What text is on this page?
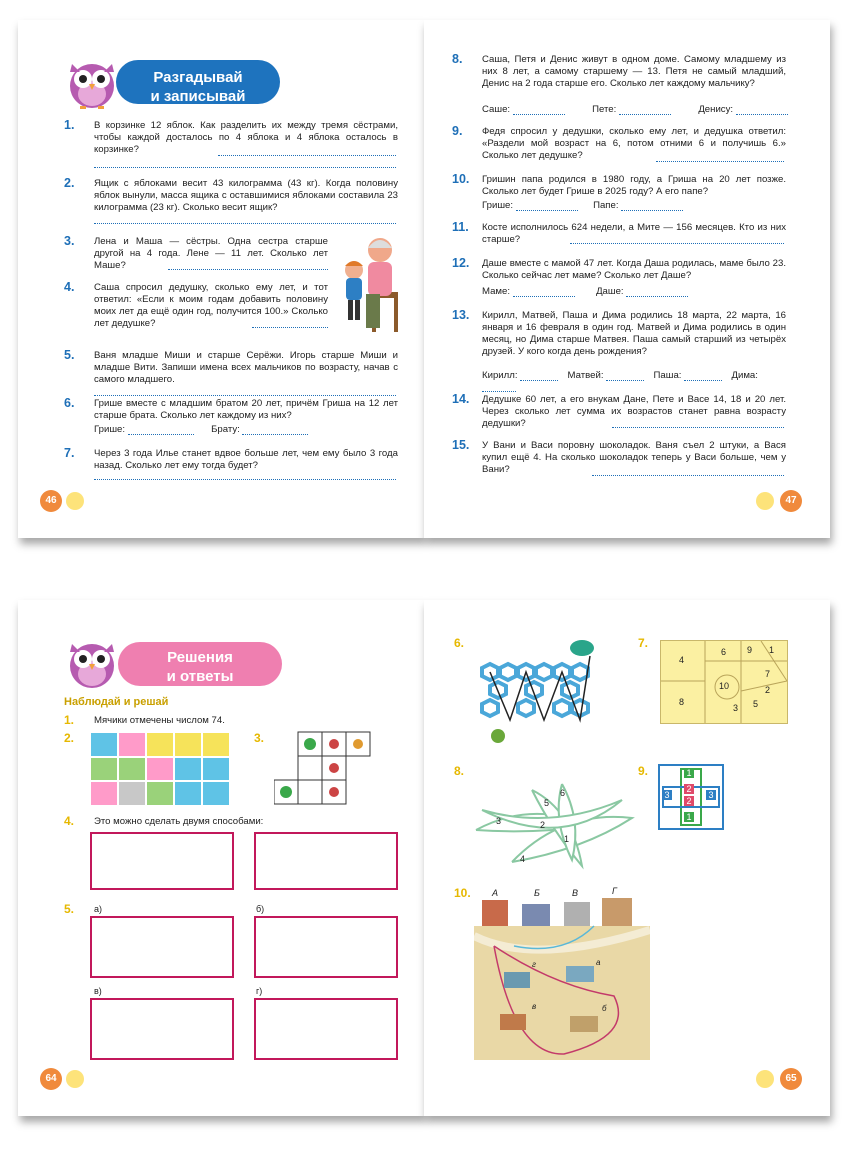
Разгадывай
и записывай
1. В корзинке 12 яблок. Как разделить их между тремя сёстрами, чтобы каждой досталось по 4 яблока и 4 яблока осталось в корзинке?
2. Ящик с яблоками весит 43 килограмма (43 кг). Когда половину яблок вынули, масса ящика с оставшимися яблоками составила 23 килограмма (23 кг). Сколько весит ящик?
3. Лена и Маша — сёстры. Одна сестра старше другой на 4 года. Лене — 11 лет. Сколько лет Маше?
4. Саша спросил дедушку, сколько ему лет, и тот ответил: «Если к моим годам добавить половину моих лет да ещё один год, получится 100.» Сколько лет дедушке?
5. Ваня младше Миши и старше Серёжи. Игорь старше Миши и младше Вити. Запиши имена всех мальчиков по возрасту, начав с самого младшего.
6. Грише вместе с младшим братом 20 лет, причём Гриша на 12 лет старше брата. Сколько лет каждому из них?
Грише:	Брату:
7. Через 3 года Илье станет вдвое больше лет, чем ему было 3 года назад. Сколько лет ему тогда будет?
46
8. Саша, Петя и Денис живут в одном доме. Самому младшему из них 8 лет, а самому старшему — 13. Петя не самый младший, Денис на 2 года старше его. Сколько лет каждому мальчику?
Саше:	Пете:	Денису:
9. Федя спросил у дедушки, сколько ему лет, и дедушка ответил: «Раздели мой возраст на 6, потом отними 6 и получишь 6.» Сколько лет дедушке?
10. Гришин папа родился в 1980 году, а Гриша на 20 лет позже. Сколько лет будет Грише в 2025 году? А его папе?
Грише:	Папе:
11. Косте исполнилось 624 недели, а Мите — 156 месяцев. Кто из них старше?
12. Даше вместе с мамой 47 лет. Когда Даша родилась, маме было 23. Сколько сейчас лет маме? Сколько лет Даше?
Маме:	Даше:
13. Кирилл, Матвей, Паша и Дима родились 18 марта, 22 марта, 16 января и 16 февраля в один год. Матвей и Дима родились в один месяц, но Дима старше Матвея. Паша самый старший из четырёх друзей. У кого когда день рождения?
Кирилл:	Матвей:	Паша:	Дима:
14. Дедушке 60 лет, а его внукам Дане, Пете и Васе 14, 18 и 20 лет. Через сколько лет сумма их возрастов станет равна возрасту дедушки?
15. У Вани и Васи поровну шоколадок. Ваня съел 2 штуки, а Вася купил ещё 4. На сколько шоколадок теперь у Васи больше, чем у Вани?
47
Решения
и ответы
Наблюдай и решай
1. Мячики отмечены числом 74.
2.	3.
4. Это можно сделать двумя способами:
5. а)	б)
в)	г)
64
6.	7.
4
6 9 1
7
10	2
8
3 5
8.
6
5
3	2
1
4
9.	1
3
2
2
3
1
10. А	Б	В	Г
г	а
в	б
65
